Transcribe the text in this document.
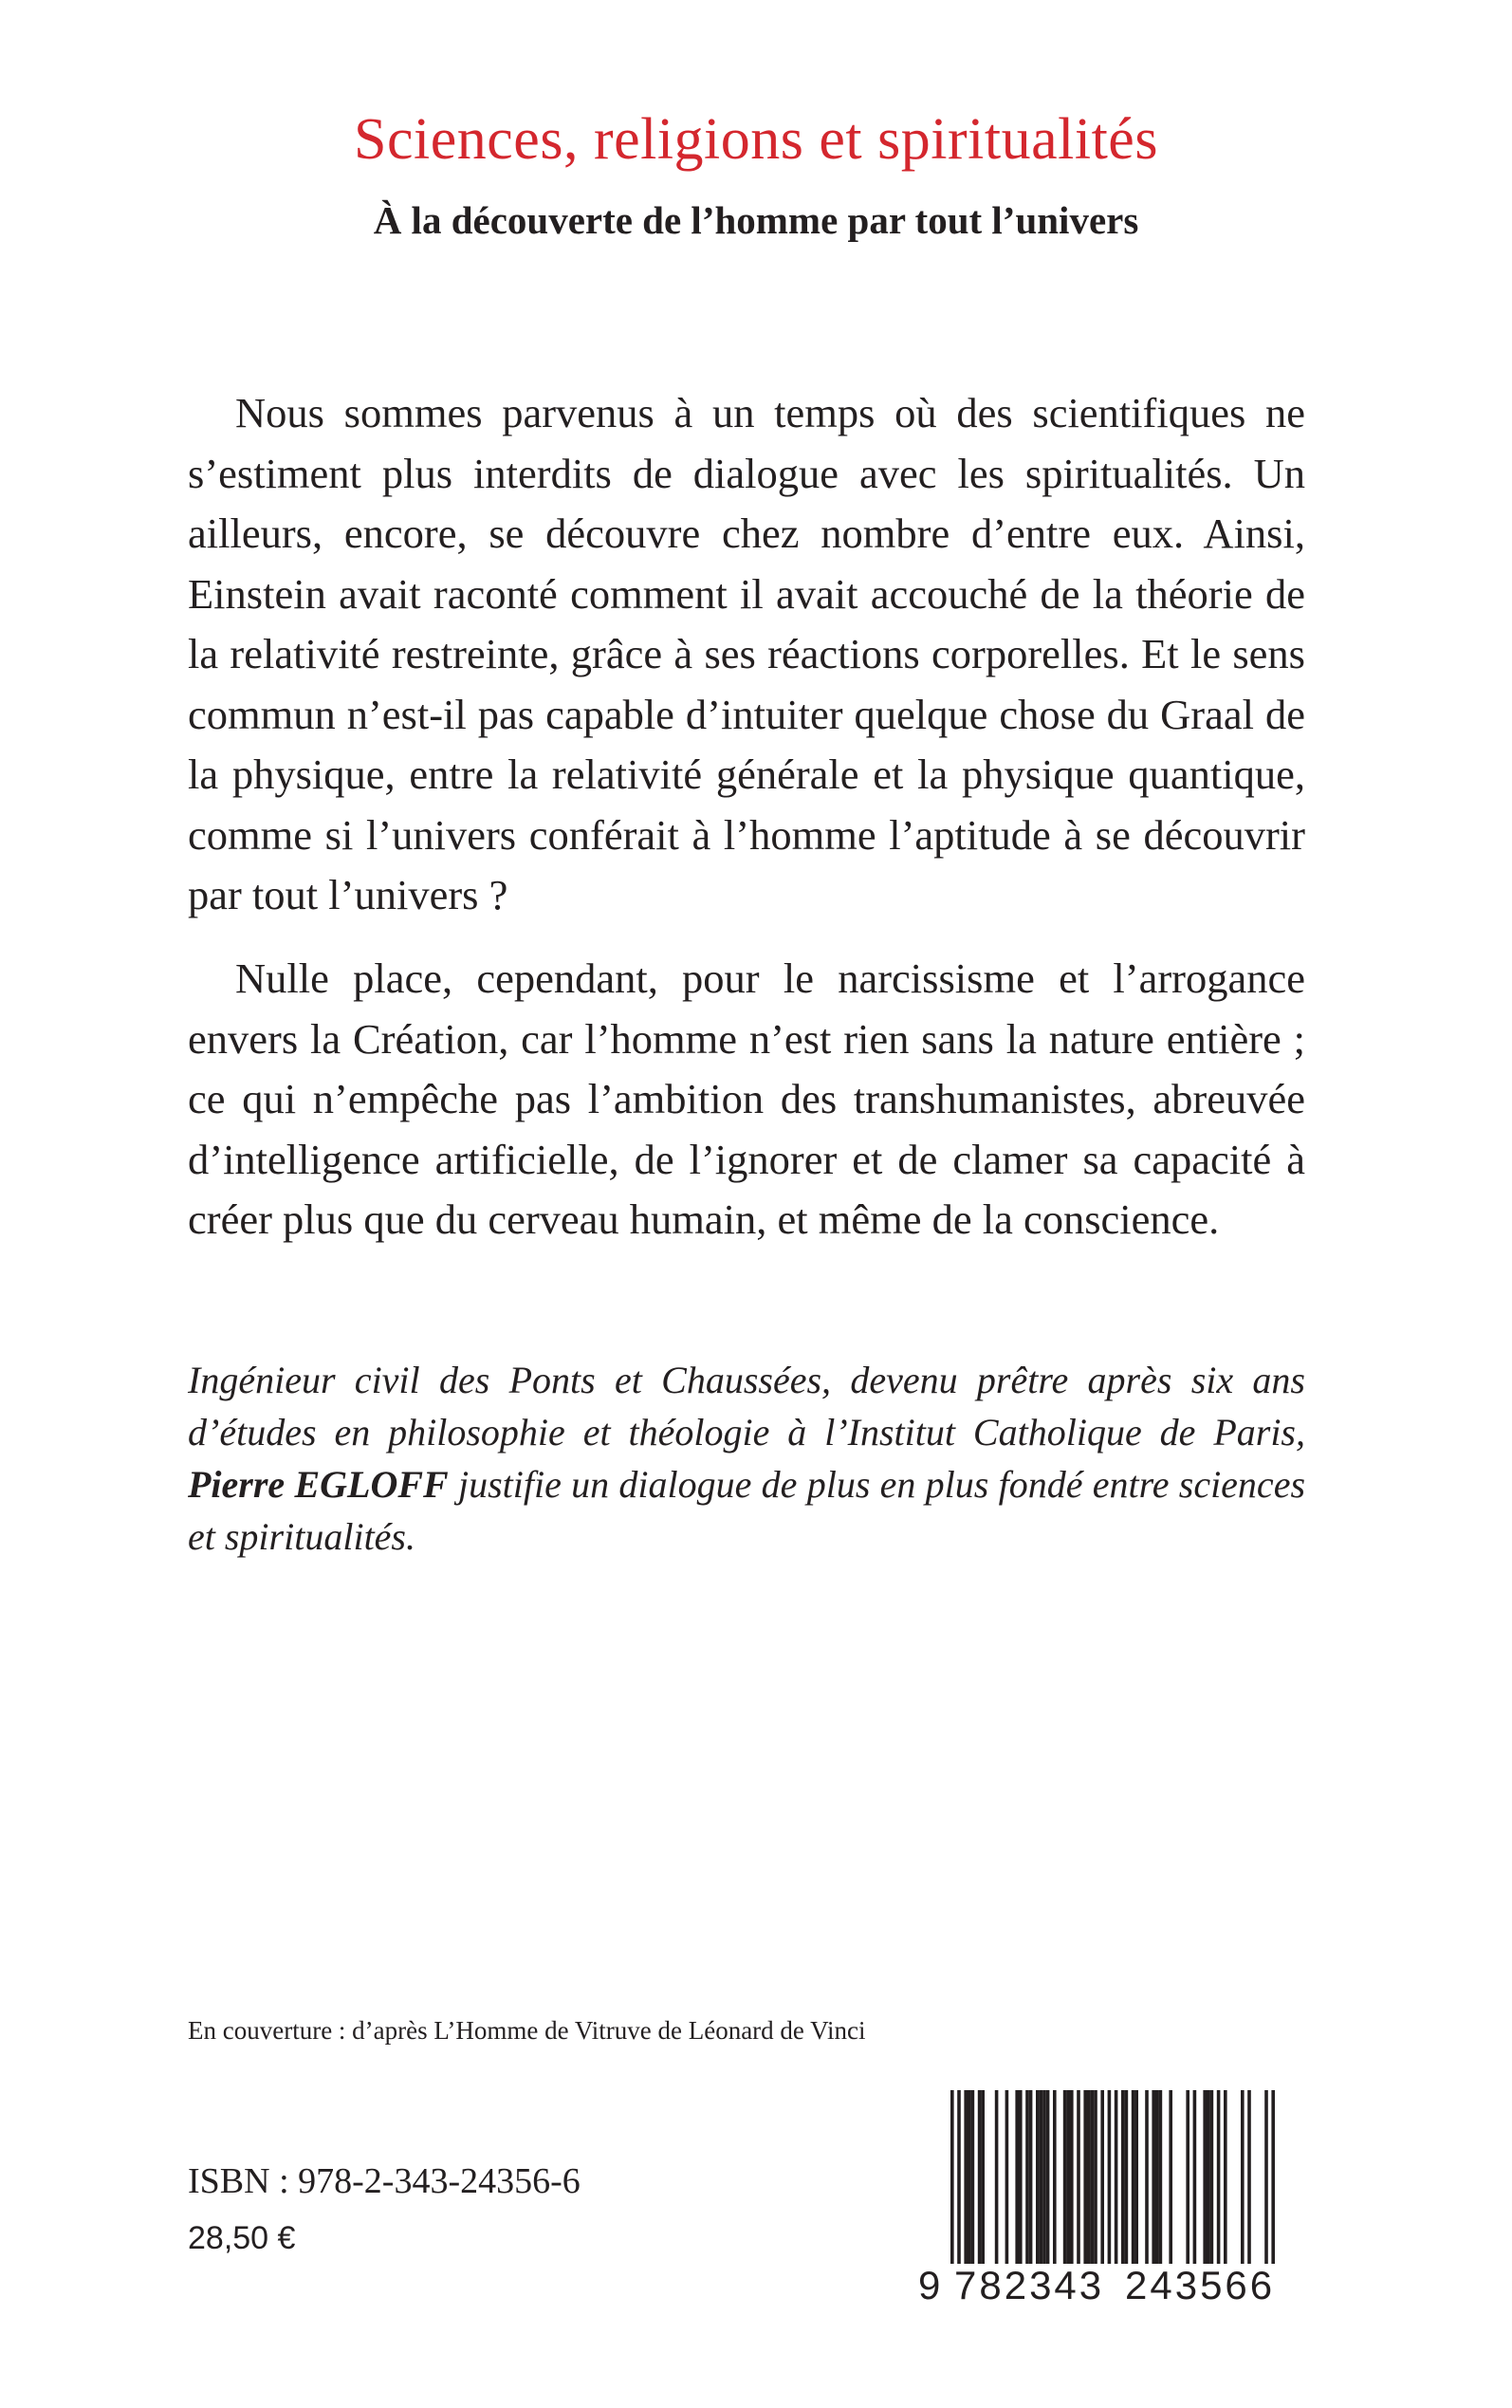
Sciences, religions et spiritualités
À la découverte de l’homme par tout l’univers

Nous sommes parvenus à un temps où des scientifiques ne s’estiment plus interdits de dialogue avec les spiritualités. Un ailleurs, encore, se découvre chez nombre d’entre eux. Ainsi, Einstein avait raconté comment il avait accouché de la théorie de la relativité restreinte, grâce à ses réactions corporelles. Et le sens commun n’est-il pas capable d’intuiter quelque chose du Graal de la physique, entre la relativité générale et la physique quantique, comme si l’univers conférait à l’homme l’aptitude à se découvrir par tout l’univers ?

Nulle place, cependant, pour le narcissisme et l’arrogance envers la Création, car l’homme n’est rien sans la nature entière ; ce qui n’empêche pas l’ambition des transhumanistes, abreuvée d’intelligence artificielle, de l’ignorer et de clamer sa capacité à créer plus que du cerveau humain, et même de la conscience.

Ingénieur civil des Ponts et Chaussées, devenu prêtre après six ans d’études en philosophie et théologie à l’Institut Catholique de Paris, Pierre EGLOFF justifie un dialogue de plus en plus fondé entre sciences et spiritualités.

En couverture : d’après L’Homme de Vitruve de Léonard de Vinci

ISBN : 978-2-343-24356-6

28,50 €

9 782343 243566
